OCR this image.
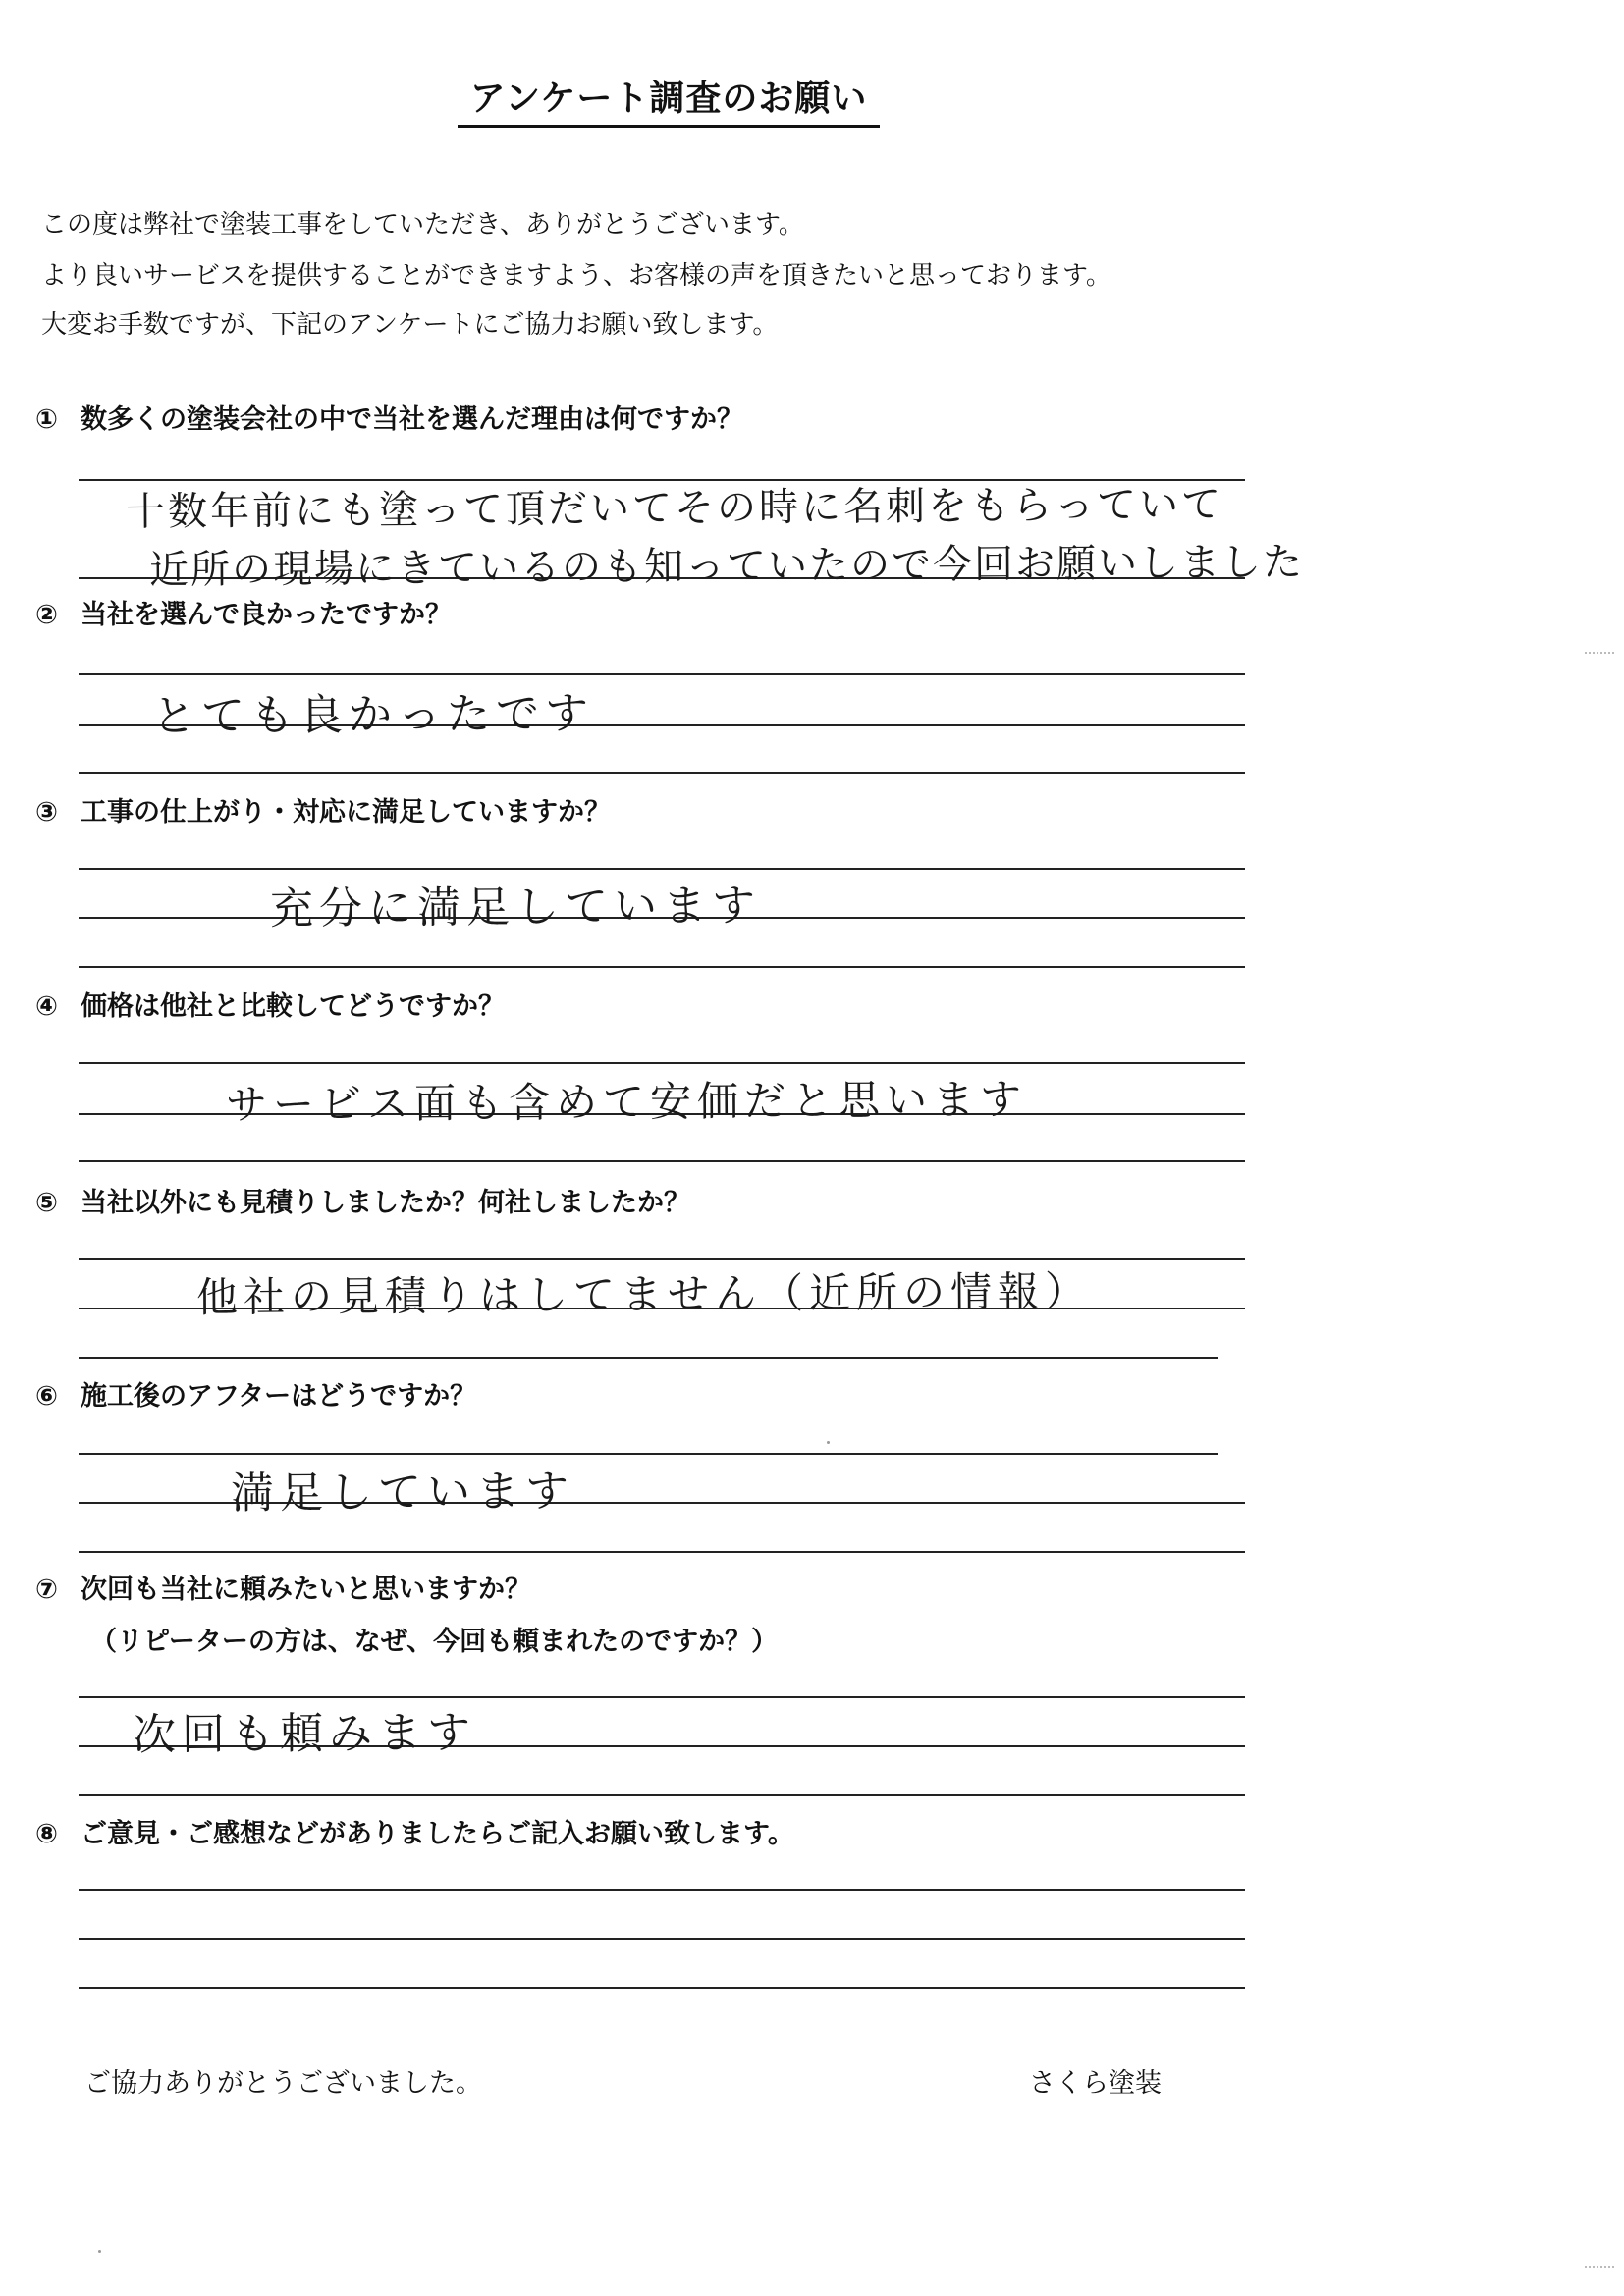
アンケート調査のお願い
この度は弊社で塗装工事をしていただき、ありがとうございます。
より良いサービスを提供することができますよう、お客様の声を頂きたいと思っております。
大変お手数ですが、下記のアンケートにご協力お願い致します。
① 数多くの塗装会社の中で当社を選んだ理由は何ですか？
十数年前にも塗って頂だいてその時に名刺をもらっていて
近所の現場にきているのも知っていたので今回お願いしました
② 当社を選んで良かったですか？
とても良かったです
③ 工事の仕上がり・対応に満足していますか？
充分に満足しています
④ 価格は他社と比較してどうですか？
サービス面も含めて安価だと思います
⑤ 当社以外にも見積りしましたか？何社しましたか？
他社の見積りはしてません（近所の情報）
⑥ 施工後のアフターはどうですか？
満足しています
⑦ 次回も当社に頼みたいと思いますか？
（リピーターの方は、なぜ、今回も頼まれたのですか？）
次回も頼みます
⑧ ご意見・ご感想などがありましたらご記入お願い致します。
ご協力ありがとうございました。	さくら塗装
